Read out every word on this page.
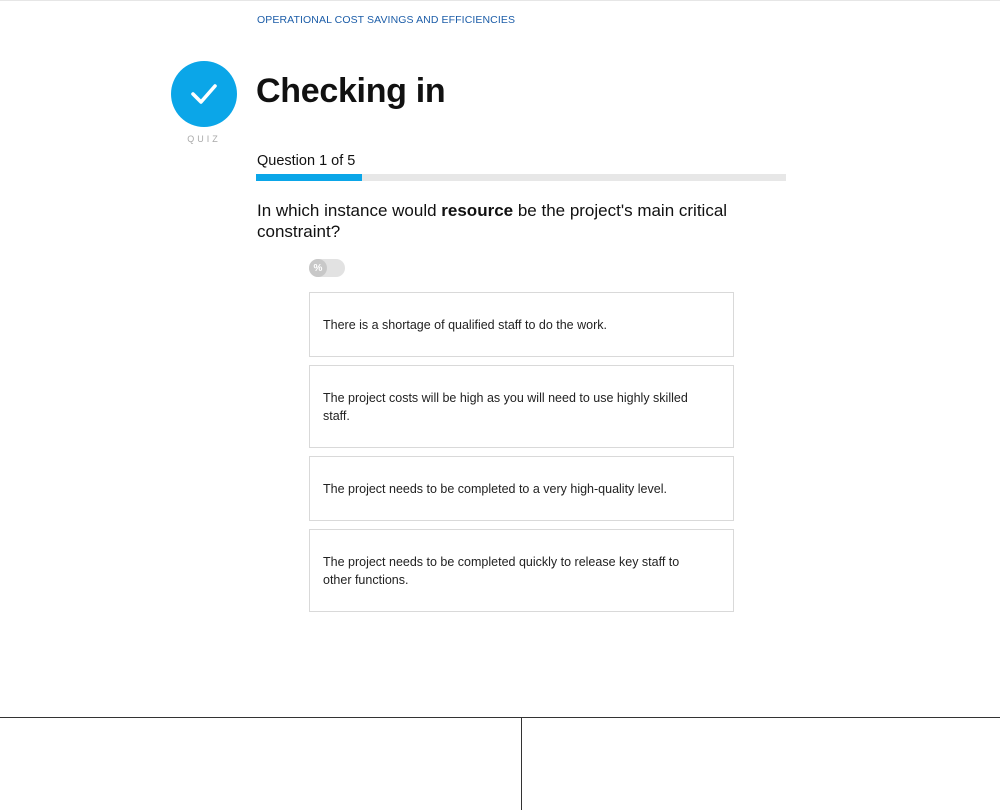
OPERATIONAL COST SAVINGS AND EFFICIENCIES
QUIZ
Checking in
Question 1 of 5
In which instance would resource be the project's main critical constraint?
%
There is a shortage of qualified staff to do the work.
The project costs will be high as you will need to use highly skilled staff.
The project needs to be completed to a very high-quality level.
The project needs to be completed quickly to release key staff to other functions.
